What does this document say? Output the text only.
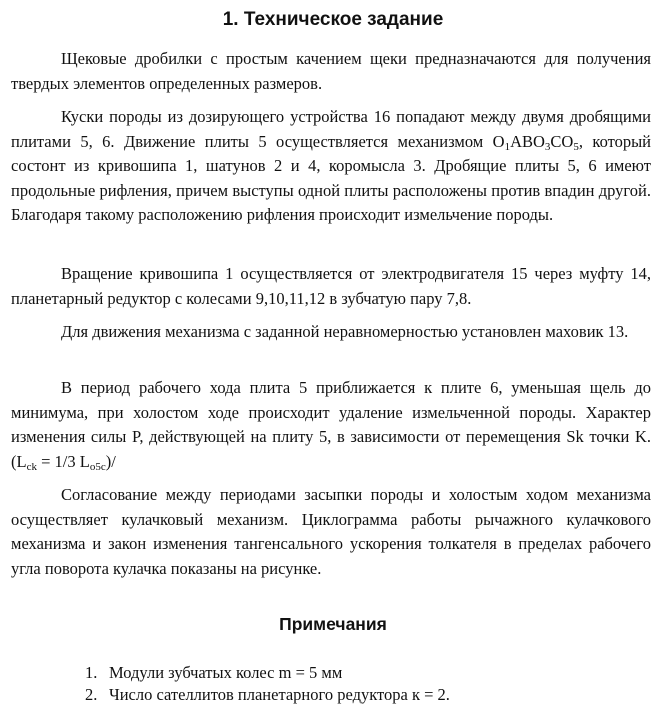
1. Техническое задание

Щековые дробилки с простым качением щеки предназначаются для получения твердых элементов определенных размеров.

Куски породы из дозирующего устройства 16 попадают между двумя дробящими плитами 5, 6. Движение плиты 5 осуществляется механизмом $O_1ABO_3CO_5$, который состонт из кривошипа 1, шатунов 2 и 4, коромысла 3. Дробящие плиты 5, 6 имеют продольные рифления, причем выступы одной плиты расположены против впадин другой. Благодаря такому расположению рифления происходит измельчение породы.

Вращение кривошипа 1 осуществляется от электродвигателя 15 через муфту 14, планетарный редуктор с колесами 9,10,11,12 в зубчатую пару 7,8.

Для движения механизма с заданной неравномерностью установлен маховик 13.

В период рабочего хода плита 5 приближается к плите 6, уменьшая щель до минимума, при холостом ходе происходит удаление измельченной породы. Характер изменения силы P, действующей на плиту 5, в зависимости от перемещения Sk точки K. ($L_{ck} = 1/3$ $L_{o5c})/$

Согласование между периодами засыпки породы и холостым ходом механизма осуществляет кулачковый механизм. Циклограмма работы рычажного кулачкового механизма и закон изменения тангенсального ускорения толкателя в пределах рабочего угла поворота кулачка показаны на рисунке.

Примечания
1. Модули зубчатых колес m = 5 мм
2. Число сателлитов планетарного редуктора к = 2.
